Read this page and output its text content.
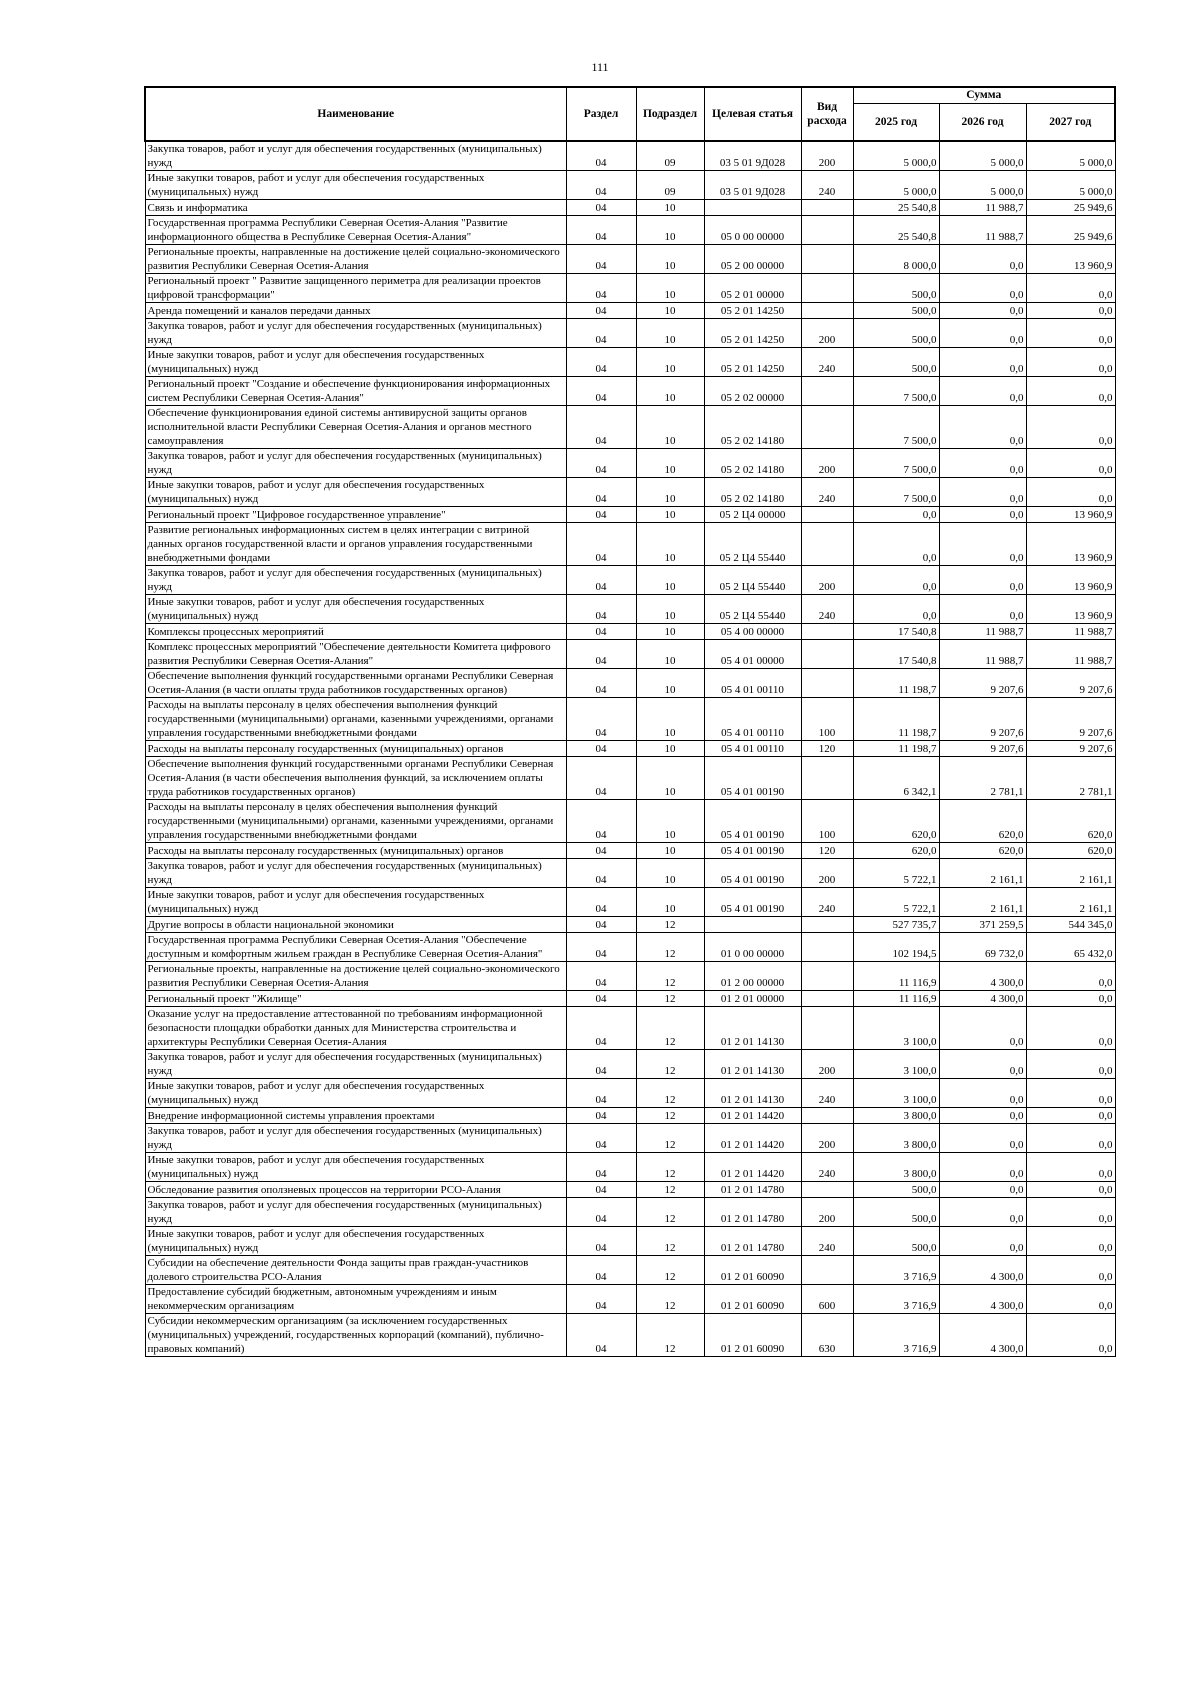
111
Наименование	Раздел	Подраздел	Целевая статья	Вид расхода	Сумма		
					2025 год	2026 год	2027 год
Закупка товаров, работ и услуг для обеспечения государственных (муниципальных) нужд	04	09	03 5 01 9Д028	200	5 000,0	5 000,0	5 000,0
Иные закупки товаров, работ и услуг для обеспечения государственных (муниципальных) нужд	04	09	03 5 01 9Д028	240	5 000,0	5 000,0	5 000,0
Связь и информатика	04	10			25 540,8	11 988,7	25 949,6
Государственная программа Республики Северная Осетия-Алания "Развитие информационного общества в Республике Северная Осетия-Алания"	04	10	05 0 00 00000		25 540,8	11 988,7	25 949,6
Региональные проекты, направленные на достижение целей социально-экономического развития Республики Северная Осетия-Алания	04	10	05 2 00 00000		8 000,0	0,0	13 960,9
Региональный проект " Развитие защищенного периметра для реализации проектов цифровой трансформации"	04	10	05 2 01 00000		500,0	0,0	0,0
Аренда помещений и каналов передачи данных	04	10	05 2 01 14250		500,0	0,0	0,0
Закупка товаров, работ и услуг для обеспечения государственных (муниципальных) нужд	04	10	05 2 01 14250	200	500,0	0,0	0,0
Иные закупки товаров, работ и услуг для обеспечения государственных (муниципальных) нужд	04	10	05 2 01 14250	240	500,0	0,0	0,0
Региональный проект "Создание и обеспечение функционирования информационных систем Республики Северная Осетия-Алания"	04	10	05 2 02 00000		7 500,0	0,0	0,0
Обеспечение функционирования единой системы антивирусной защиты органов исполнительной власти Республики Северная Осетия-Алания и органов местного самоуправления	04	10	05 2 02 14180		7 500,0	0,0	0,0
Закупка товаров, работ и услуг для обеспечения государственных (муниципальных) нужд	04	10	05 2 02 14180	200	7 500,0	0,0	0,0
Иные закупки товаров, работ и услуг для обеспечения государственных (муниципальных) нужд	04	10	05 2 02 14180	240	7 500,0	0,0	0,0
Региональный проект "Цифровое государственное управление"	04	10	05 2 Ц4 00000		0,0	0,0	13 960,9
Развитие региональных информационных систем в целях интеграции с витриной данных органов государственной власти и органов управления государственными внебюджетными фондами	04	10	05 2 Ц4 55440		0,0	0,0	13 960,9
Закупка товаров, работ и услуг для обеспечения государственных (муниципальных) нужд	04	10	05 2 Ц4 55440	200	0,0	0,0	13 960,9
Иные закупки товаров, работ и услуг для обеспечения государственных (муниципальных) нужд	04	10	05 2 Ц4 55440	240	0,0	0,0	13 960,9
Комплексы процессных мероприятий	04	10	05 4 00 00000		17 540,8	11 988,7	11 988,7
Комплекс процессных мероприятий "Обеспечение деятельности Комитета цифрового развития Республики Северная Осетия-Алания"	04	10	05 4 01 00000		17 540,8	11 988,7	11 988,7
Обеспечение выполнения функций государственными органами Республики Северная Осетия-Алания (в части оплаты труда работников государственных органов)	04	10	05 4 01 00110		11 198,7	9 207,6	9 207,6
Расходы на выплаты персоналу в целях обеспечения выполнения функций государственными (муниципальными) органами, казенными учреждениями, органами управления государственными внебюджетными фондами	04	10	05 4 01 00110	100	11 198,7	9 207,6	9 207,6
Расходы на выплаты персоналу государственных (муниципальных) органов	04	10	05 4 01 00110	120	11 198,7	9 207,6	9 207,6
Обеспечение выполнения функций государственными органами Республики Северная Осетия-Алания (в части обеспечения выполнения функций, за исключением оплаты труда работников государственных органов)	04	10	05 4 01 00190		6 342,1	2 781,1	2 781,1
Расходы на выплаты персоналу в целях обеспечения выполнения функций государственными (муниципальными) органами, казенными учреждениями, органами управления государственными внебюджетными фондами	04	10	05 4 01 00190	100	620,0	620,0	620,0
Расходы на выплаты персоналу государственных (муниципальных) органов	04	10	05 4 01 00190	120	620,0	620,0	620,0
Закупка товаров, работ и услуг для обеспечения государственных (муниципальных) нужд	04	10	05 4 01 00190	200	5 722,1	2 161,1	2 161,1
Иные закупки товаров, работ и услуг для обеспечения государственных (муниципальных) нужд	04	10	05 4 01 00190	240	5 722,1	2 161,1	2 161,1
Другие вопросы в области национальной экономики	04	12			527 735,7	371 259,5	544 345,0
Государственная программа Республики Северная Осетия-Алания "Обеспечение доступным и комфортным жильем граждан в Республике Северная Осетия-Алания"	04	12	01 0 00 00000		102 194,5	69 732,0	65 432,0
Региональные проекты, направленные на достижение целей социально-экономического развития Республики Северная Осетия-Алания	04	12	01 2 00 00000		11 116,9	4 300,0	0,0
Региональный проект "Жилище"	04	12	01 2 01 00000		11 116,9	4 300,0	0,0
Оказание услуг на предоставление аттестованной по требованиям информационной безопасности площадки обработки данных для Министерства строительства и архитектуры Республики Северная Осетия-Алания	04	12	01 2 01 14130		3 100,0	0,0	0,0
Закупка товаров, работ и услуг для обеспечения государственных (муниципальных) нужд	04	12	01 2 01 14130	200	3 100,0	0,0	0,0
Иные закупки товаров, работ и услуг для обеспечения государственных (муниципальных) нужд	04	12	01 2 01 14130	240	3 100,0	0,0	0,0
Внедрение информационной системы управления проектами	04	12	01 2 01 14420		3 800,0	0,0	0,0
Закупка товаров, работ и услуг для обеспечения государственных (муниципальных) нужд	04	12	01 2 01 14420	200	3 800,0	0,0	0,0
Иные закупки товаров, работ и услуг для обеспечения государственных (муниципальных) нужд	04	12	01 2 01 14420	240	3 800,0	0,0	0,0
Обследование развития оползневых процессов на территории РСО-Алания	04	12	01 2 01 14780		500,0	0,0	0,0
Закупка товаров, работ и услуг для обеспечения государственных (муниципальных) нужд	04	12	01 2 01 14780	200	500,0	0,0	0,0
Иные закупки товаров, работ и услуг для обеспечения государственных (муниципальных) нужд	04	12	01 2 01 14780	240	500,0	0,0	0,0
Субсидии на обеспечение деятельности Фонда защиты прав граждан-участников долевого строительства РСО-Алания	04	12	01 2 01 60090		3 716,9	4 300,0	0,0
Предоставление субсидий бюджетным, автономным учреждениям и иным некоммерческим организациям	04	12	01 2 01 60090	600	3 716,9	4 300,0	0,0
Субсидии некоммерческим организациям (за исключением государственных (муниципальных) учреждений, государственных корпораций (компаний), публично-правовых компаний)	04	12	01 2 01 60090	630	3 716,9	4 300,0	0,0
